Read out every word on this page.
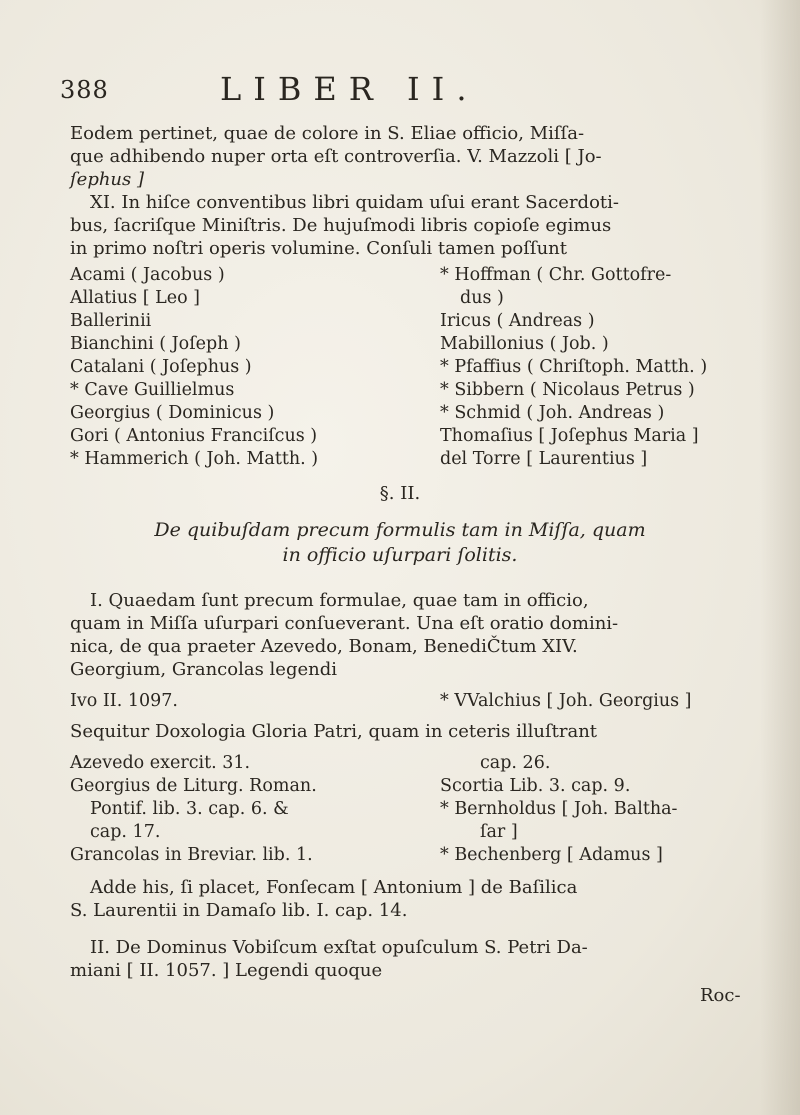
388	LIBER II.
Eodem pertinet, quae de colore in S. Eliae officio, Miſſa-
que adhibendo nuper orta eſt controverſia. V. Mazzoli [ Jo-
ſephus ]
XI. In hiſce conventibus libri quidam uſui erant Sacerdoti-
bus, ſacriſque Miniſtris. De hujuſmodi libris copioſe egimus
in primo noſtri operis volumine. Conſuli tamen poſſunt
Acami ( Jacobus )
Allatius [ Leo ]
Ballerinii
Bianchini ( Joſeph )
Catalani ( Joſephus )
* Cave Guillielmus
Georgius ( Dominicus )
Gori ( Antonius Franciſcus )
* Hammerich ( Joh. Matth. )
* Hoffman ( Chr. Gottofre-
dus )
Iricus ( Andreas )
Mabillonius ( Job. )
* Pfaffius ( Chriſtoph. Matth. )
* Sibbern ( Nicolaus Petrus )
* Schmid ( Joh. Andreas )
Thomaſius [ Joſephus Maria ]
del Torre [ Laurentius ]
§. II.
De quibuſdam precum formulis tam in Miſſa, quam
in officio uſurpari ſolitis.
I. Quaedam ſunt precum formulae, quae tam in officio,
quam in Miſſa uſurpari conſueverant. Una eſt oratio domini-
nica, de qua praeter Azevedo, Bonam, BenediČtum XIV.
Georgium, Grancolas legendi
Ivo II. 1097.	* VValchius [ Joh. Georgius ]
Sequitur Doxologia Gloria Patri, quam in ceteris illuſtrant
Azevedo exercit. 31.
Georgius de Liturg. Roman.
Pontif. lib. 3. cap. 6. &
cap. 17.
Grancolas in Breviar. lib. 1.
cap. 26.
Scortia Lib. 3. cap. 9.
* Bernholdus [ Joh. Baltha-
ſar ]
* Bechenberg [ Adamus ]
Adde his, ſi placet, Fonſecam [ Antonium ] de Baſilica
S. Laurentii in Damaſo lib. I. cap. 14.
II. De Dominus Vobiſcum exſtat opuſculum S. Petri Da-
miani [ II. 1057. ] Legendi quoque
Roc-
